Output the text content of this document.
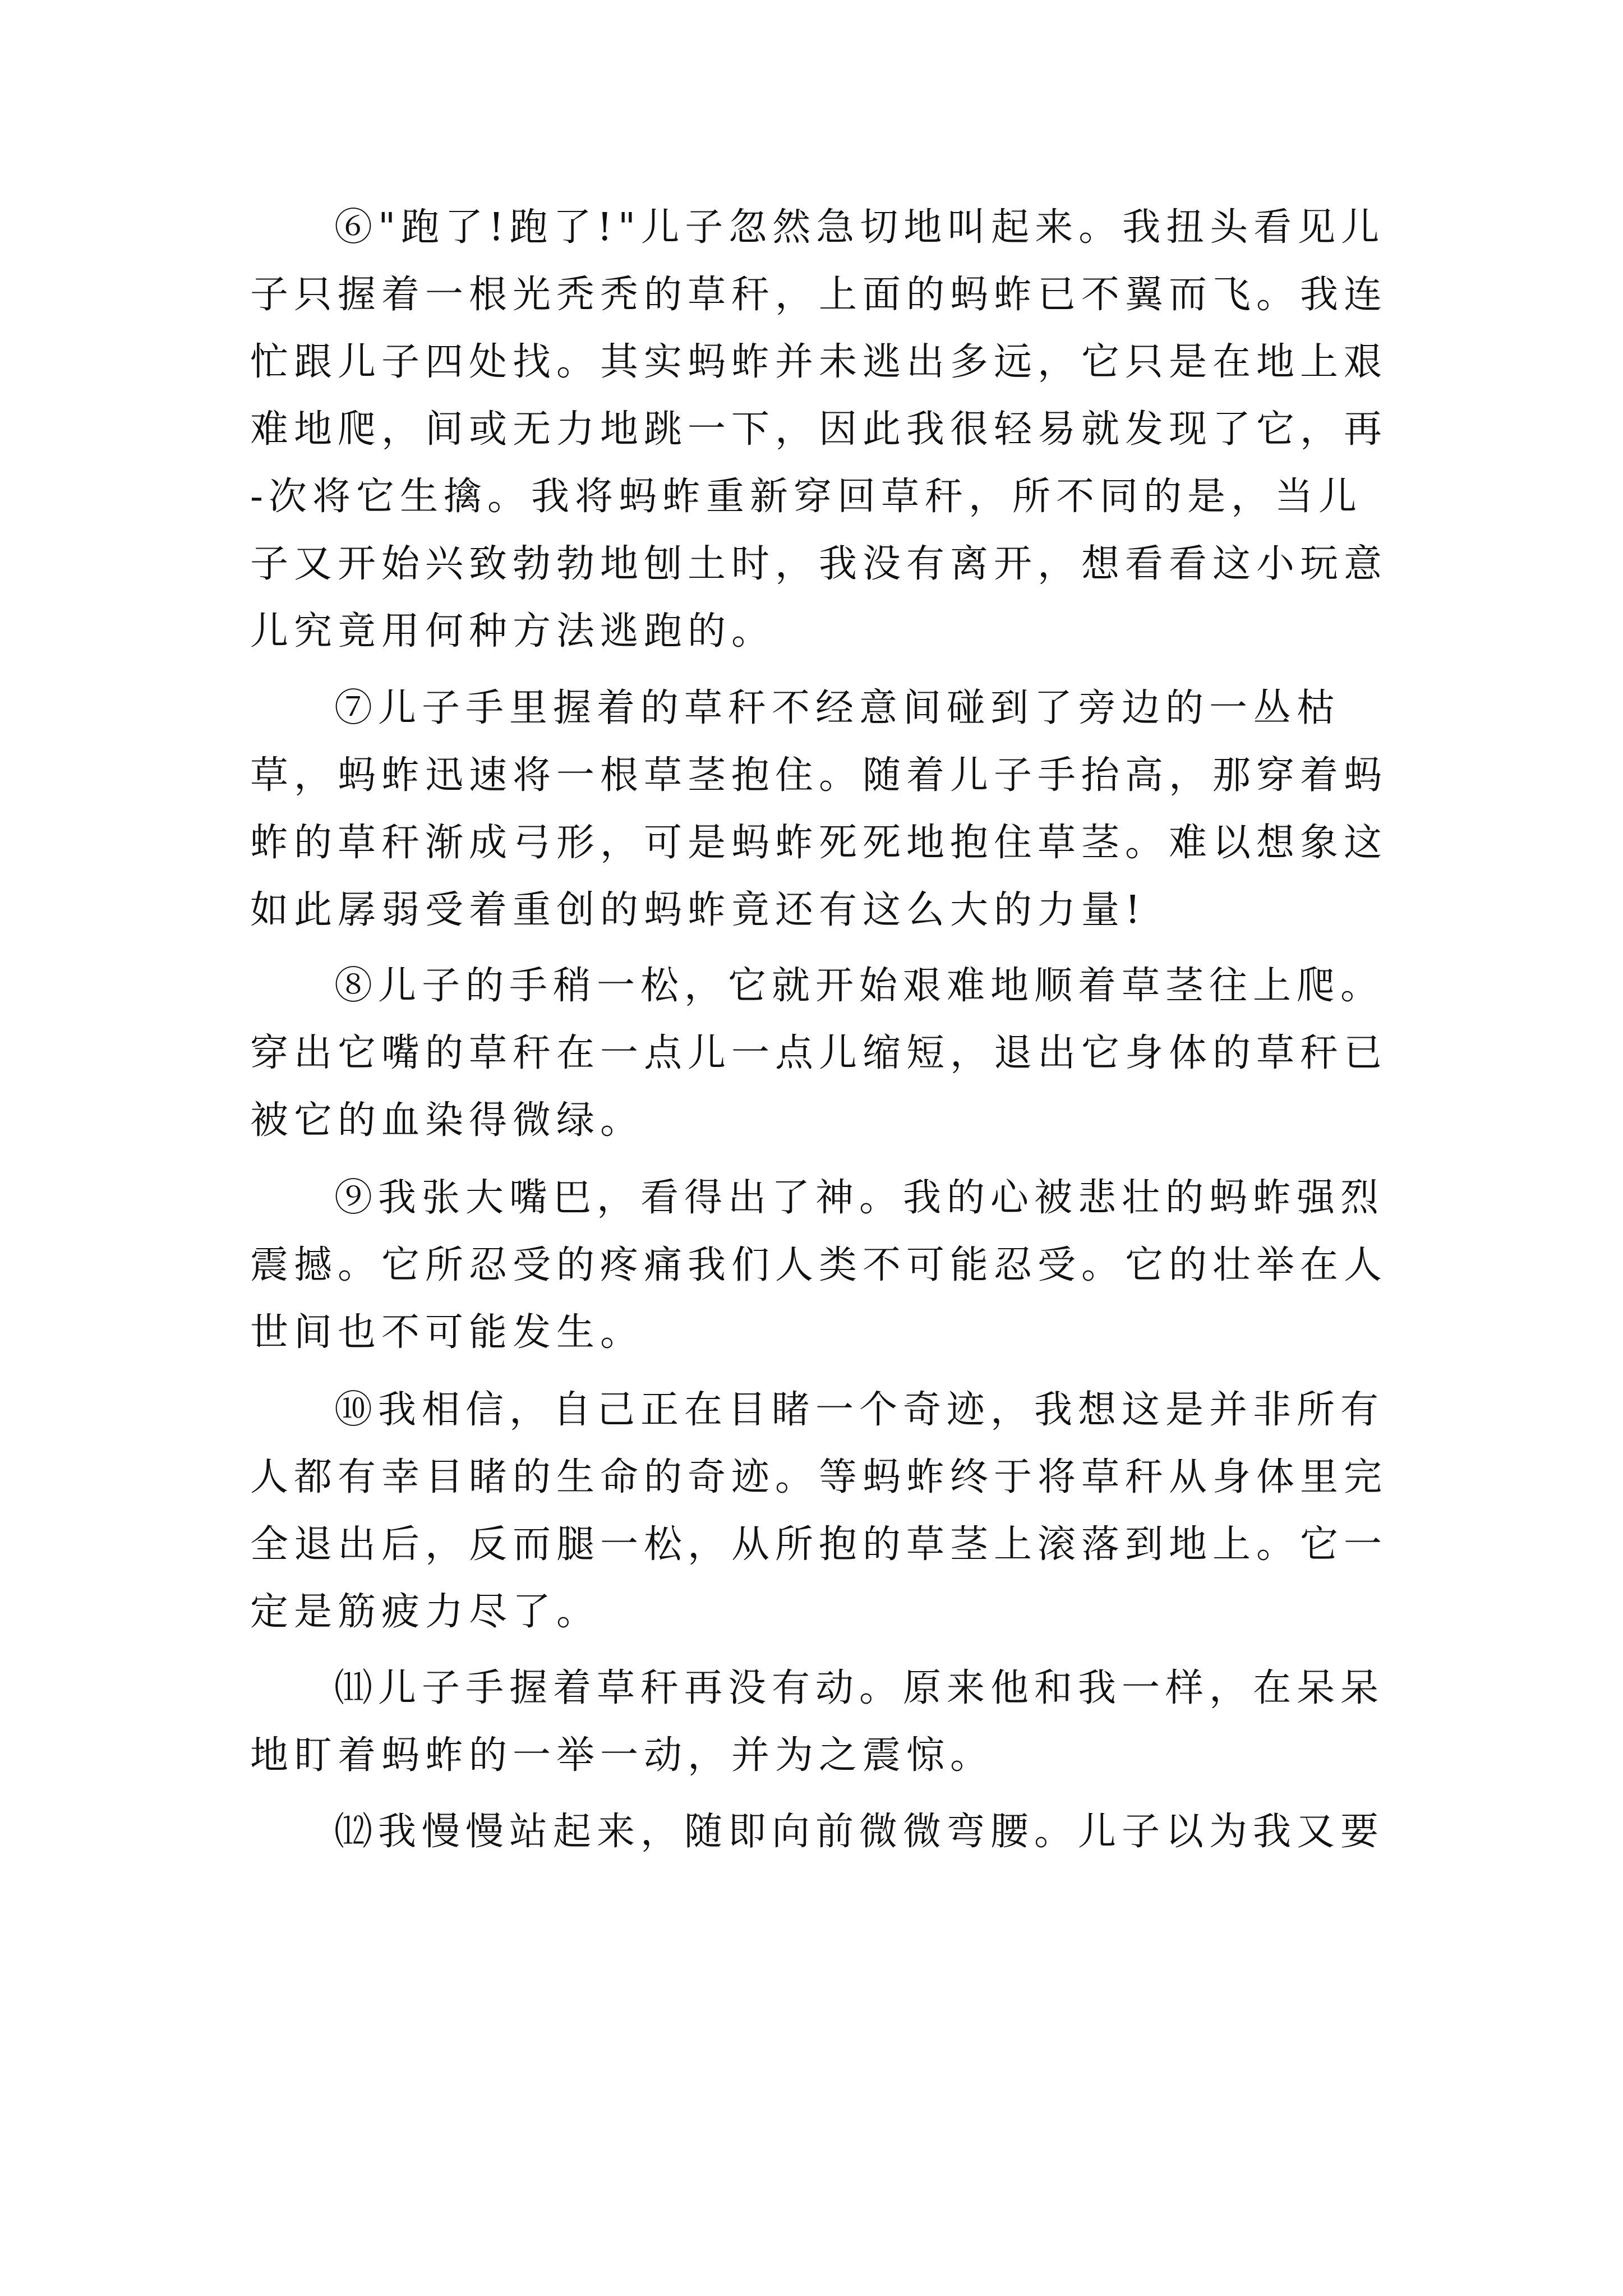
⑥"跑了!跑了!"儿子忽然急切地叫起来。我扭头看见儿
子只握着一根光秃秃的草秆，上面的蚂蚱已不翼而飞。我连
忙跟儿子四处找。其实蚂蚱并未逃出多远，它只是在地上艰
难地爬，间或无力地跳一下，因此我很轻易就发现了它，再
-次将它生擒。我将蚂蚱重新穿回草秆，所不同的是，当儿
子又开始兴致勃勃地刨土时，我没有离开，想看看这小玩意
儿究竟用何种方法逃跑的。
⑦儿子手里握着的草秆不经意间碰到了旁边的一丛枯
草，蚂蚱迅速将一根草茎抱住。随着儿子手抬高，那穿着蚂
蚱的草秆渐成弓形，可是蚂蚱死死地抱住草茎。难以想象这
如此孱弱受着重创的蚂蚱竟还有这么大的力量!
⑧儿子的手稍一松，它就开始艰难地顺着草茎往上爬。
穿出它嘴的草秆在一点儿一点儿缩短，退出它身体的草秆已
被它的血染得微绿。
⑨我张大嘴巴，看得出了神。我的心被悲壮的蚂蚱强烈
震撼。它所忍受的疼痛我们人类不可能忍受。它的壮举在人
世间也不可能发生。
⑩我相信，自己正在目睹一个奇迹，我想这是并非所有
人都有幸目睹的生命的奇迹。等蚂蚱终于将草秆从身体里完
全退出后，反而腿一松，从所抱的草茎上滚落到地上。它一
定是筋疲力尽了。
⑾儿子手握着草秆再没有动。原来他和我一样，在呆呆
地盯着蚂蚱的一举一动，并为之震惊。
⑿我慢慢站起来，随即向前微微弯腰。儿子以为我又要
